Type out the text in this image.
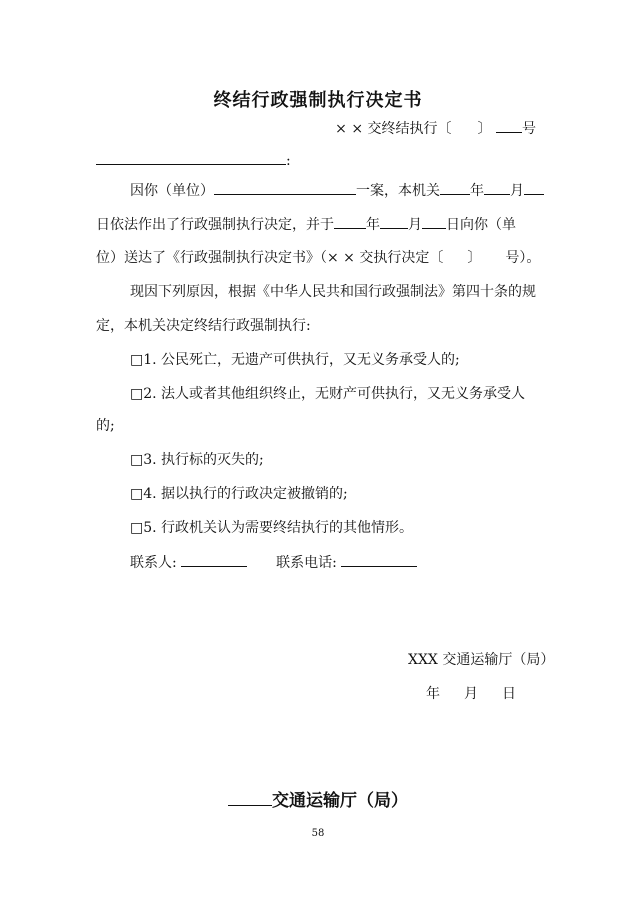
终结行政强制执行决定书
× × 交终结执行〔 〕 号
:
因你（单位）	一案，本机关 年 月
日依法作出了行政强制执行决定，并于 年 月 日向你（单
位）送达了《行政强制执行决定书》（× × 交执行决定〔 〕 号）。
现因下列原因，根据《中华人民共和国行政强制法》第四十条的规
定，本机关决定终结行政强制执行:
□1. 公民死亡，无遗产可供执行，又无义务承受人的;
□2. 法人或者其他组织终止，无财产可供执行，又无义务承受人
的;
□3. 执行标的灭失的;
□4. 据以执行的行政决定被撤销的;
□5. 行政机关认为需要终结执行的其他情形。
联系人:	联系电话:
XXX 交通运输厅（局）
年 月 日
交通运输厅（局）
58
